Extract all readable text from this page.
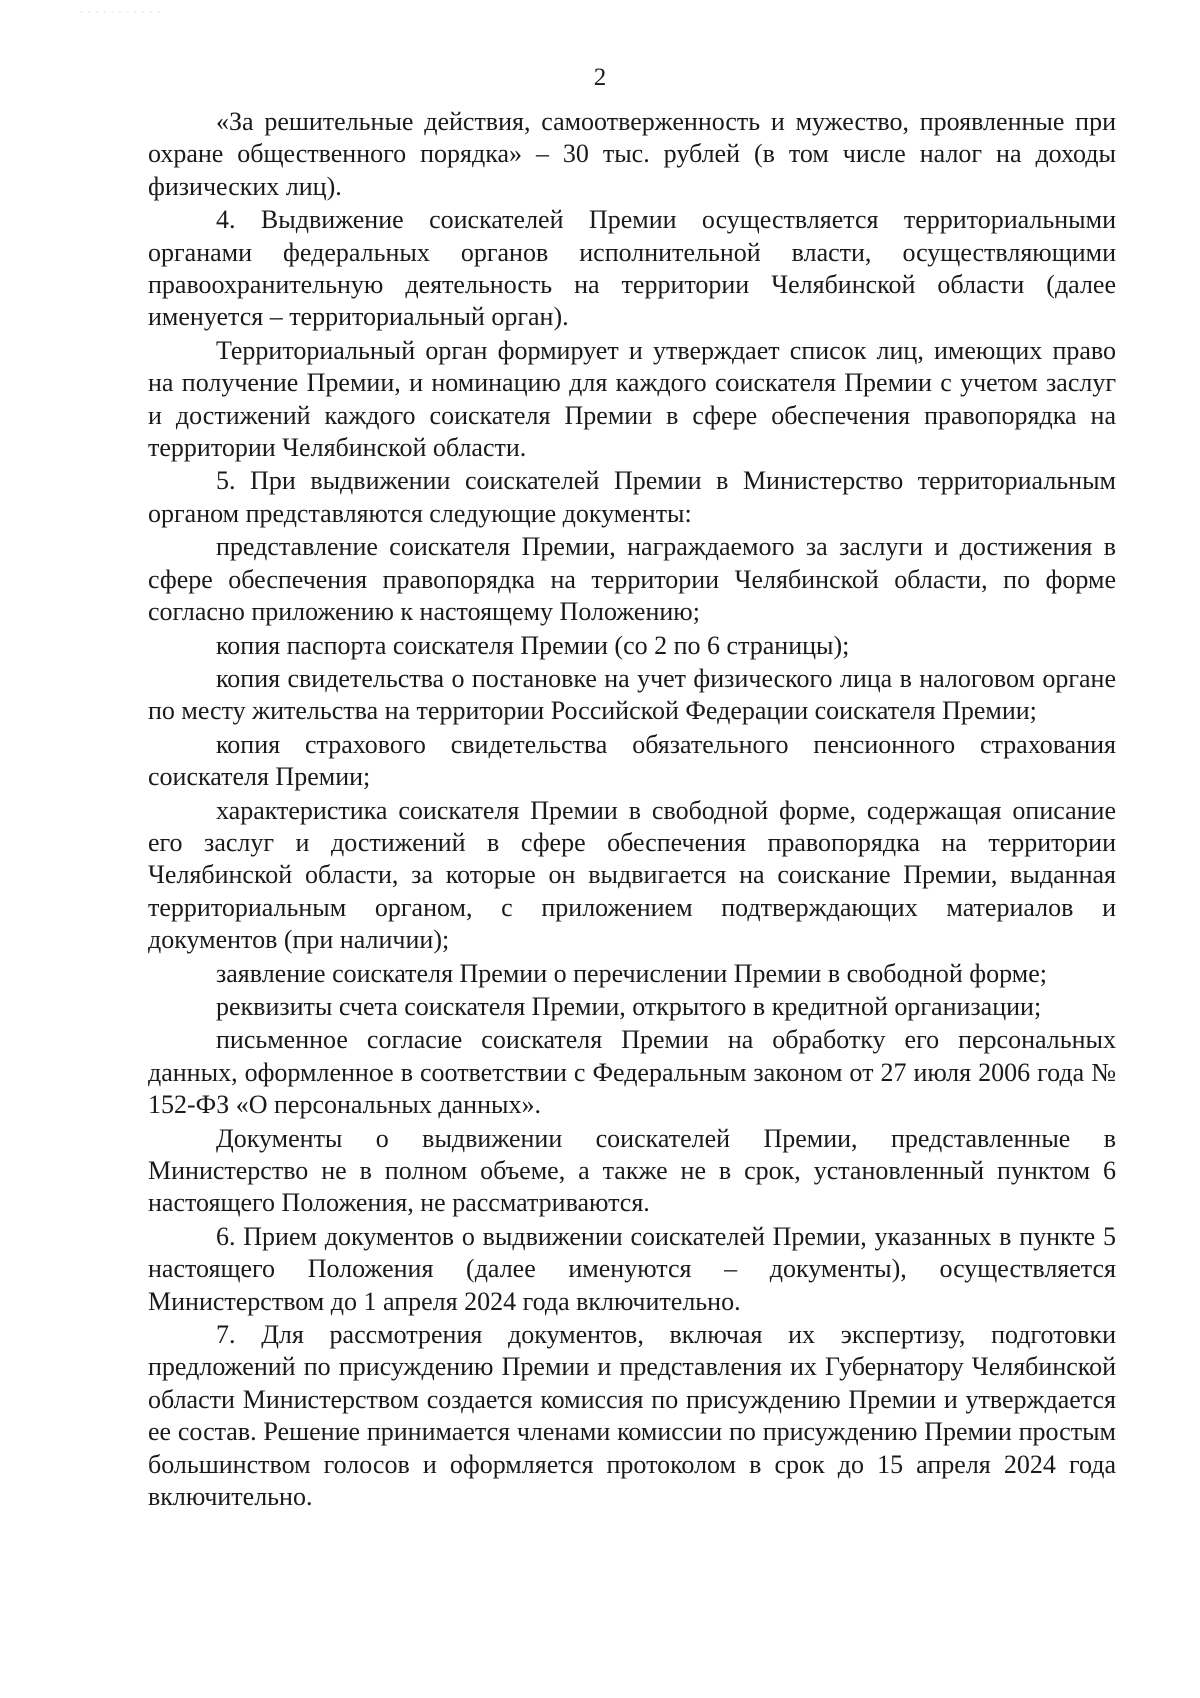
· · · · · · · · · · ·

2

«За решительные действия, самоотверженность и мужество, проявленные при охране общественного порядка» – 30 тыс. рублей (в том числе налог на доходы физических лиц).

4. Выдвижение соискателей Премии осуществляется территориальными органами федеральных органов исполнительной власти, осуществляющими правоохранительную деятельность на территории Челябинской области (далее именуется – территориальный орган).

Территориальный орган формирует и утверждает список лиц, имеющих право на получение Премии, и номинацию для каждого соискателя Премии с учетом заслуг и достижений каждого соискателя Премии в сфере обеспечения правопорядка на территории Челябинской области.

5. При выдвижении соискателей Премии в Министерство территориальным органом представляются следующие документы:

представление соискателя Премии, награждаемого за заслуги и достижения в сфере обеспечения правопорядка на территории Челябинской области, по форме согласно приложению к настоящему Положению;

копия паспорта соискателя Премии (со 2 по 6 страницы);

копия свидетельства о постановке на учет физического лица в налоговом органе по месту жительства на территории Российской Федерации соискателя Премии;

копия страхового свидетельства обязательного пенсионного страхования соискателя Премии;

характеристика соискателя Премии в свободной форме, содержащая описание его заслуг и достижений в сфере обеспечения правопорядка на территории Челябинской области, за которые он выдвигается на соискание Премии, выданная территориальным органом, с приложением подтверждающих материалов и документов (при наличии);

заявление соискателя Премии о перечислении Премии в свободной форме;

реквизиты счета соискателя Премии, открытого в кредитной организации;

письменное согласие соискателя Премии на обработку его персональных данных, оформленное в соответствии с Федеральным законом от 27 июля 2006 года № 152-ФЗ «О персональных данных».

Документы о выдвижении соискателей Премии, представленные в Министерство не в полном объеме, а также не в срок, установленный пунктом 6 настоящего Положения, не рассматриваются.

6. Прием документов о выдвижении соискателей Премии, указанных в пункте 5 настоящего Положения (далее именуются – документы), осуществляется Министерством до 1 апреля 2024 года включительно.

7. Для рассмотрения документов, включая их экспертизу, подготовки предложений по присуждению Премии и представления их Губернатору Челябинской области Министерством создается комиссия по присуждению Премии и утверждается ее состав. Решение принимается членами комиссии по присуждению Премии простым большинством голосов и оформляется протоколом в срок до 15 апреля 2024 года включительно.
